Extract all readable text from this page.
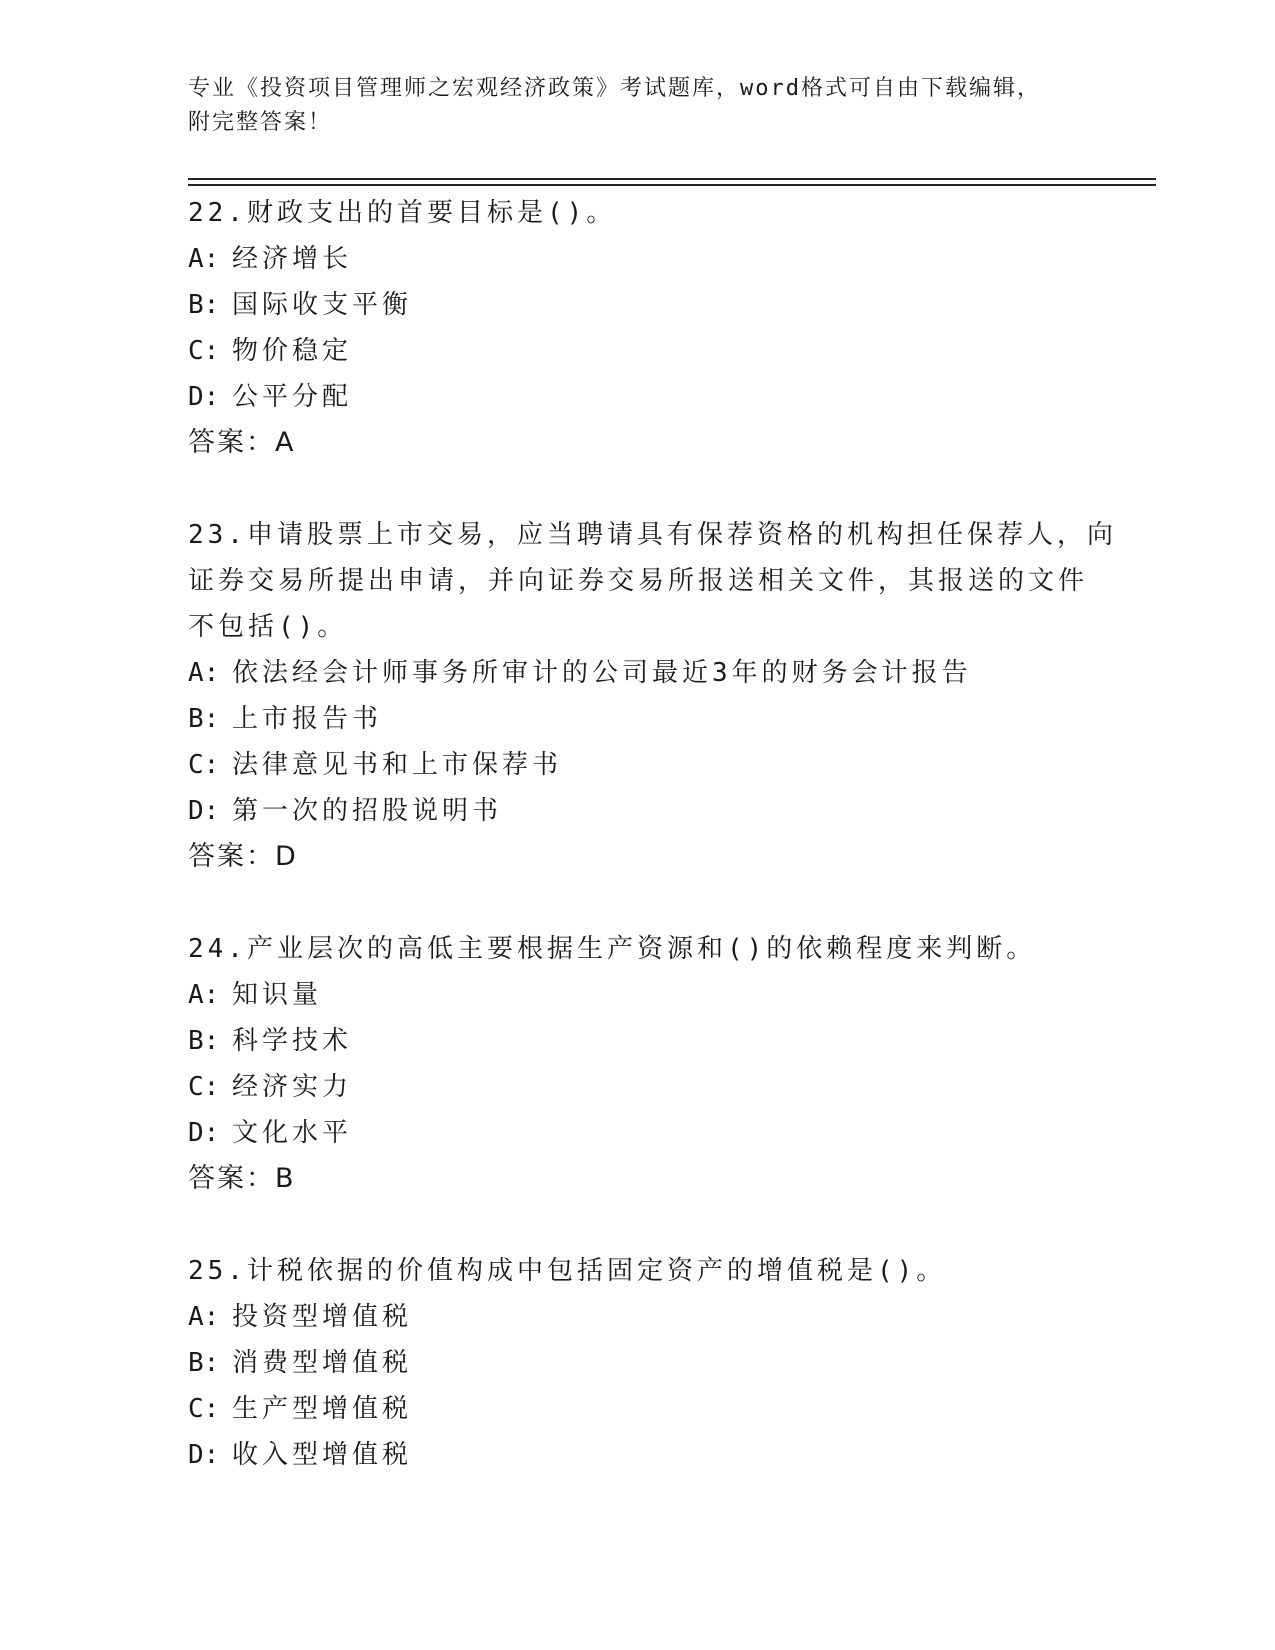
专业《投资项目管理师之宏观经济政策》考试题库，word格式可自由下载编辑，
附完整答案！
22.财政支出的首要目标是()。
A: 经济增长
B: 国际收支平衡
C: 物价稳定
D: 公平分配
答案：A
23.申请股票上市交易，应当聘请具有保荐资格的机构担任保荐人，向
证券交易所提出申请，并向证券交易所报送相关文件，其报送的文件
不包括()。
A: 依法经会计师事务所审计的公司最近3年的财务会计报告
B: 上市报告书
C: 法律意见书和上市保荐书
D: 第一次的招股说明书
答案：D
24.产业层次的高低主要根据生产资源和()的依赖程度来判断。
A: 知识量
B: 科学技术
C: 经济实力
D: 文化水平
答案：B
25.计税依据的价值构成中包括固定资产的增值税是()。
A: 投资型增值税
B: 消费型增值税
C: 生产型增值税
D: 收入型增值税
